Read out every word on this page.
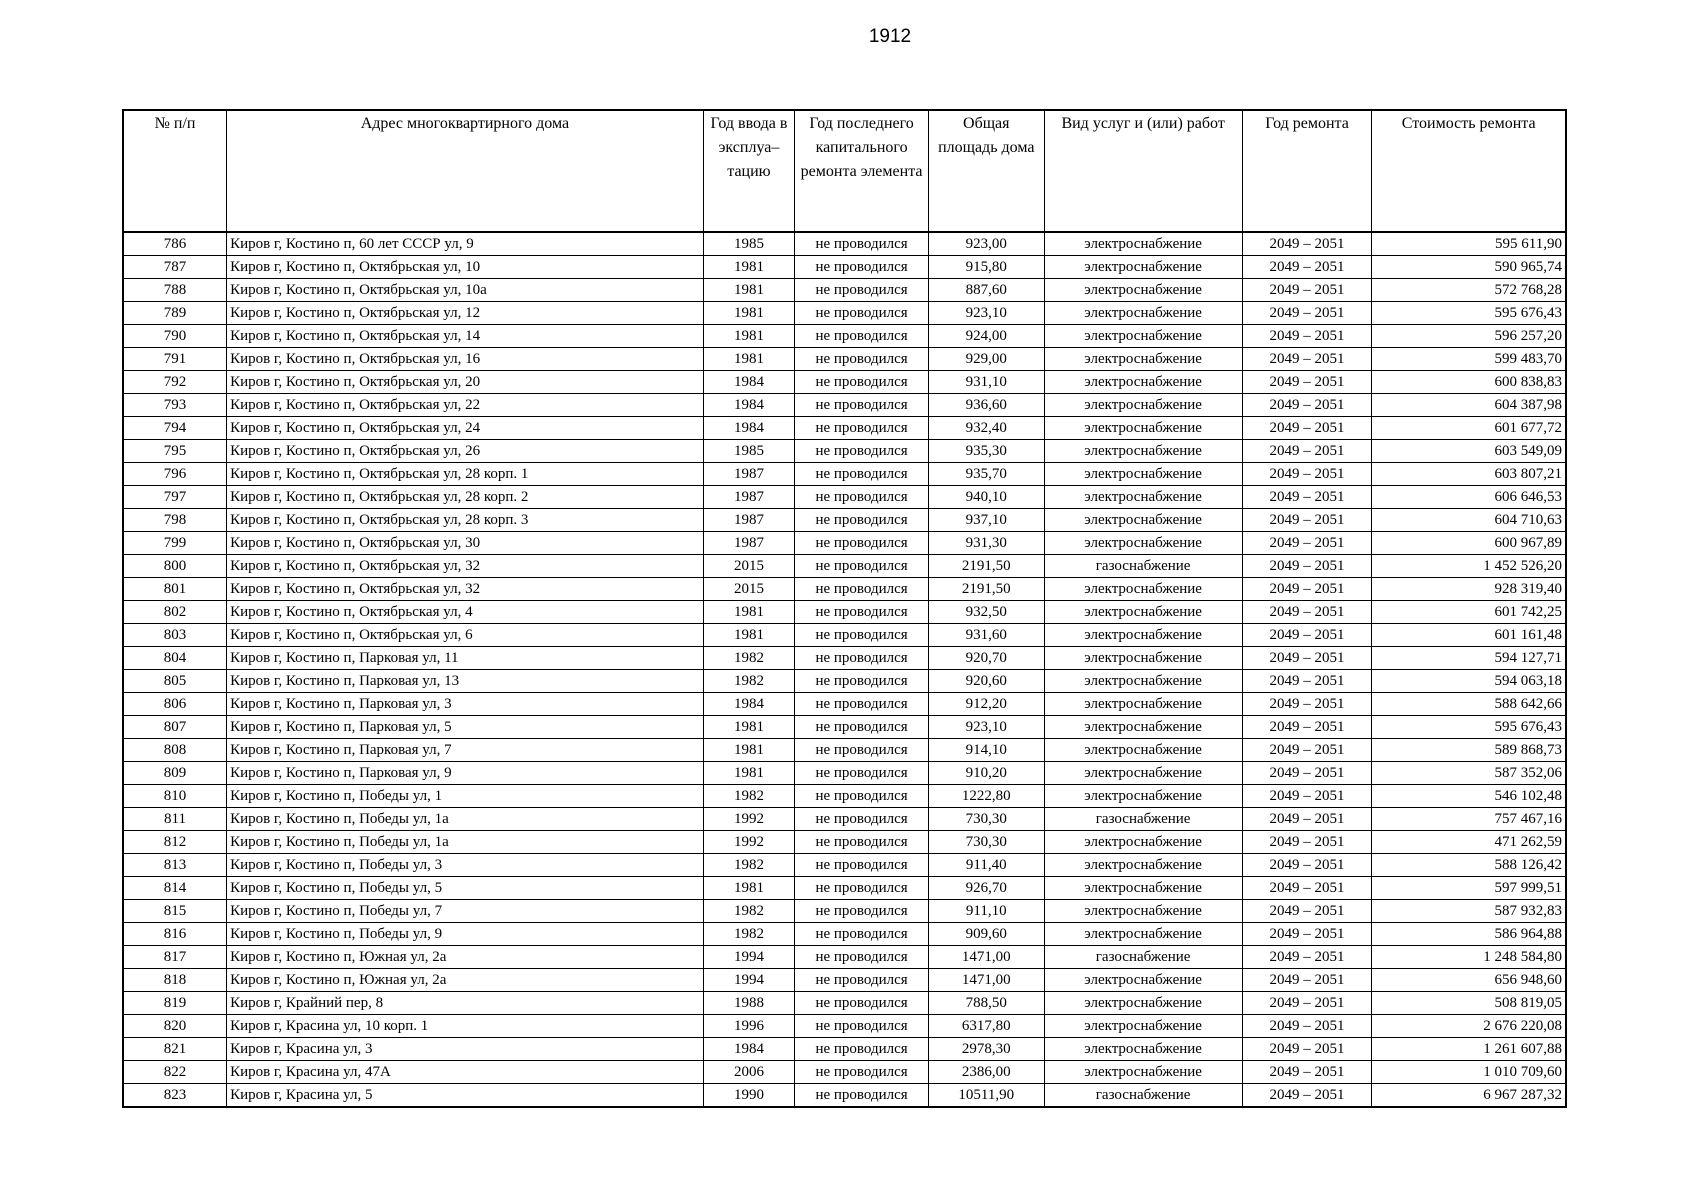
1912
№ п/п	Адрес многоквартирного дома	Год ввода в эксплуа– тацию	Год последнего капитального ремонта элемента	Общая площадь дома	Вид услуг и (или) работ	Год ремонта	Стоимость ремонта
786	Киров г, Костино п, 60 лет СССР ул, 9	1985	не проводился	923,00	электроснабжение	2049 – 2051	595 611,90
787	Киров г, Костино п, Октябрьская ул, 10	1981	не проводился	915,80	электроснабжение	2049 – 2051	590 965,74
788	Киров г, Костино п, Октябрьская ул, 10а	1981	не проводился	887,60	электроснабжение	2049 – 2051	572 768,28
789	Киров г, Костино п, Октябрьская ул, 12	1981	не проводился	923,10	электроснабжение	2049 – 2051	595 676,43
790	Киров г, Костино п, Октябрьская ул, 14	1981	не проводился	924,00	электроснабжение	2049 – 2051	596 257,20
791	Киров г, Костино п, Октябрьская ул, 16	1981	не проводился	929,00	электроснабжение	2049 – 2051	599 483,70
792	Киров г, Костино п, Октябрьская ул, 20	1984	не проводился	931,10	электроснабжение	2049 – 2051	600 838,83
793	Киров г, Костино п, Октябрьская ул, 22	1984	не проводился	936,60	электроснабжение	2049 – 2051	604 387,98
794	Киров г, Костино п, Октябрьская ул, 24	1984	не проводился	932,40	электроснабжение	2049 – 2051	601 677,72
795	Киров г, Костино п, Октябрьская ул, 26	1985	не проводился	935,30	электроснабжение	2049 – 2051	603 549,09
796	Киров г, Костино п, Октябрьская ул, 28 корп. 1	1987	не проводился	935,70	электроснабжение	2049 – 2051	603 807,21
797	Киров г, Костино п, Октябрьская ул, 28 корп. 2	1987	не проводился	940,10	электроснабжение	2049 – 2051	606 646,53
798	Киров г, Костино п, Октябрьская ул, 28 корп. 3	1987	не проводился	937,10	электроснабжение	2049 – 2051	604 710,63
799	Киров г, Костино п, Октябрьская ул, 30	1987	не проводился	931,30	электроснабжение	2049 – 2051	600 967,89
800	Киров г, Костино п, Октябрьская ул, 32	2015	не проводился	2191,50	газоснабжение	2049 – 2051	1 452 526,20
801	Киров г, Костино п, Октябрьская ул, 32	2015	не проводился	2191,50	электроснабжение	2049 – 2051	928 319,40
802	Киров г, Костино п, Октябрьская ул, 4	1981	не проводился	932,50	электроснабжение	2049 – 2051	601 742,25
803	Киров г, Костино п, Октябрьская ул, 6	1981	не проводился	931,60	электроснабжение	2049 – 2051	601 161,48
804	Киров г, Костино п, Парковая ул, 11	1982	не проводился	920,70	электроснабжение	2049 – 2051	594 127,71
805	Киров г, Костино п, Парковая ул, 13	1982	не проводился	920,60	электроснабжение	2049 – 2051	594 063,18
806	Киров г, Костино п, Парковая ул, 3	1984	не проводился	912,20	электроснабжение	2049 – 2051	588 642,66
807	Киров г, Костино п, Парковая ул, 5	1981	не проводился	923,10	электроснабжение	2049 – 2051	595 676,43
808	Киров г, Костино п, Парковая ул, 7	1981	не проводился	914,10	электроснабжение	2049 – 2051	589 868,73
809	Киров г, Костино п, Парковая ул, 9	1981	не проводился	910,20	электроснабжение	2049 – 2051	587 352,06
810	Киров г, Костино п, Победы ул, 1	1982	не проводился	1222,80	электроснабжение	2049 – 2051	546 102,48
811	Киров г, Костино п, Победы ул, 1а	1992	не проводился	730,30	газоснабжение	2049 – 2051	757 467,16
812	Киров г, Костино п, Победы ул, 1а	1992	не проводился	730,30	электроснабжение	2049 – 2051	471 262,59
813	Киров г, Костино п, Победы ул, 3	1982	не проводился	911,40	электроснабжение	2049 – 2051	588 126,42
814	Киров г, Костино п, Победы ул, 5	1981	не проводился	926,70	электроснабжение	2049 – 2051	597 999,51
815	Киров г, Костино п, Победы ул, 7	1982	не проводился	911,10	электроснабжение	2049 – 2051	587 932,83
816	Киров г, Костино п, Победы ул, 9	1982	не проводился	909,60	электроснабжение	2049 – 2051	586 964,88
817	Киров г, Костино п, Южная ул, 2а	1994	не проводился	1471,00	газоснабжение	2049 – 2051	1 248 584,80
818	Киров г, Костино п, Южная ул, 2а	1994	не проводился	1471,00	электроснабжение	2049 – 2051	656 948,60
819	Киров г, Крайний пер, 8	1988	не проводился	788,50	электроснабжение	2049 – 2051	508 819,05
820	Киров г, Красина ул, 10 корп. 1	1996	не проводился	6317,80	электроснабжение	2049 – 2051	2 676 220,08
821	Киров г, Красина ул, 3	1984	не проводился	2978,30	электроснабжение	2049 – 2051	1 261 607,88
822	Киров г, Красина ул, 47А	2006	не проводился	2386,00	электроснабжение	2049 – 2051	1 010 709,60
823	Киров г, Красина ул, 5	1990	не проводился	10511,90	газоснабжение	2049 – 2051	6 967 287,32
